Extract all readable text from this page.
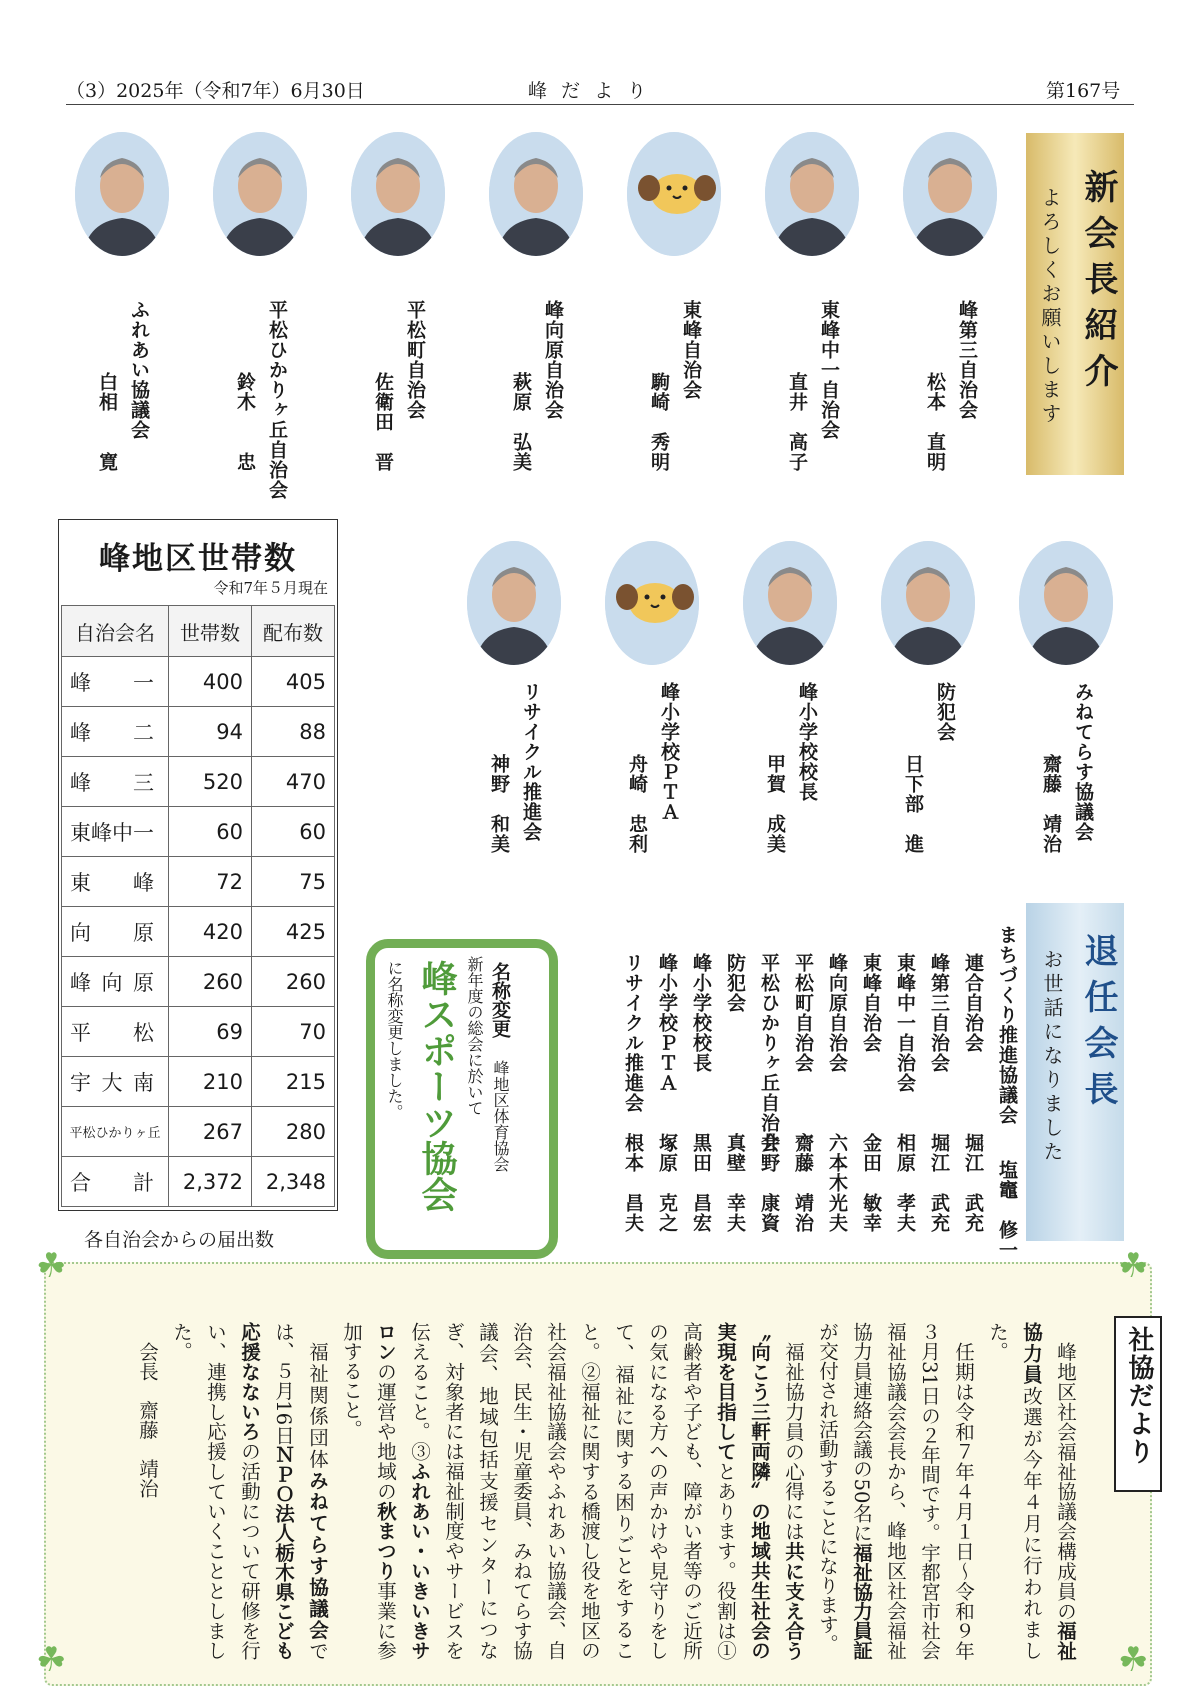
（3）2025年（令和7年）6月30日	峰 だ よ り	第167号
新会長紹介
よろしくお願いします
峰第三自治会
松本　直明
東峰中一自治会
直井　高子
東峰自治会
駒崎　秀明
峰向原自治会
萩原　弘美
平松町自治会
佐衛田　晋
平松ひかりヶ丘自治会
鈴木　　忠
ふれあい協議会
白相　　寛
みねてらす協議会
齋藤　靖治
防犯会
日下部　進
峰小学校校長
甲賀　成美
峰小学校ＰＴＡ
舟崎　忠利
リサイクル推進会
神野　和美
峰地区世帯数
令和7年５月現在
自治会名	世帯数	配布数
峰一	400	405
峰二	94	88
峰三	520	470
東峰中一	60	60
東峰	72	75
向原	420	425
峰向原	260	260
平松	69	70
宇大南	210	215
平松ひかりヶ丘	267	280
合計	2,372	2,348
各自治会からの届出数
名称変更
峰地区体育協会
新年度の総会に於いて
峰スポーツ協会
に名称変更しました。	退任会長
お世話になりました
まちづくり推進協議会
塩竈　修一
連合自治会
堀江　武充
峰第三自治会
堀江　武充
東峰中一自治会
相原　孝夫
東峰自治会
金田　敏幸
峰向原自治会
六本木光夫
平松町自治会
齋藤　靖治
平松ひかりヶ丘自治会
井野　康資
防犯会
真壁　幸夫
峰小学校校長
黒田　昌宏
峰小学校ＰＴＡ
塚原　克之
リサイクル推進会
根本　昌夫
☘	☘
☘	☘
社協だより

峰地区社会福祉協議会構成員の福祉協力員改選が今年４月に行われました。

任期は令和７年４月１日～令和９年３月31日の２年間です。宇都宮市社会福祉協議会会長から、峰地区社会福祉協力員連絡会議の50名に福祉協力員証が交付され活動することになります。

福祉協力員の心得には共に支え合う〝向こう三軒両隣〟の地域共生社会の実現を目指してとあります。役割は①高齢者や子ども、障がい者等のご近所の気になる方への声かけや見守りをして、福祉に関する困りごとをすること。②福祉に関する橋渡し役を地区の社会福祉協議会やふれあい協議会、自治会、民生・児童委員、みねてらす協議会、地域包括支援センターにつなぎ、対象者には福祉制度やサービスを伝えること。③ふれあい・いきいきサロンの運営や地域の秋まつり事業に参加すること。

福祉関係団体みねてらす協議会では、５月16日ＮＰＯ法人栃木県こども応援なないろの活動について研修を行い、連携し応援していくこととしました。

会長　齋藤　靖治
